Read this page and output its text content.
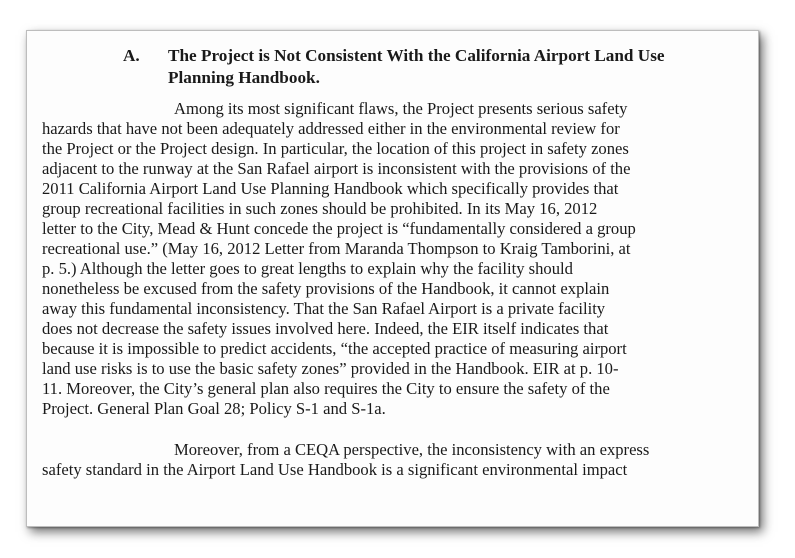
A. The Project is Not Consistent With the California Airport Land Use
Planning Handbook.
Among its most significant flaws, the Project presents serious safety
hazards that have not been adequately addressed either in the environmental review for
the Project or the Project design. In particular, the location of this project in safety zones
adjacent to the runway at the San Rafael airport is inconsistent with the provisions of the
2011 California Airport Land Use Planning Handbook which specifically provides that
group recreational facilities in such zones should be prohibited. In its May 16, 2012
letter to the City, Mead & Hunt concede the project is “fundamentally considered a group
recreational use.” (May 16, 2012 Letter from Maranda Thompson to Kraig Tamborini, at
p. 5.) Although the letter goes to great lengths to explain why the facility should
nonetheless be excused from the safety provisions of the Handbook, it cannot explain
away this fundamental inconsistency. That the San Rafael Airport is a private facility
does not decrease the safety issues involved here. Indeed, the EIR itself indicates that
because it is impossible to predict accidents, “the accepted practice of measuring airport
land use risks is to use the basic safety zones” provided in the Handbook. EIR at p. 10-
11. Moreover, the City’s general plan also requires the City to ensure the safety of the
Project. General Plan Goal 28; Policy S-1 and S-1a.
Moreover, from a CEQA perspective, the inconsistency with an express
safety standard in the Airport Land Use Handbook is a significant environmental impact
